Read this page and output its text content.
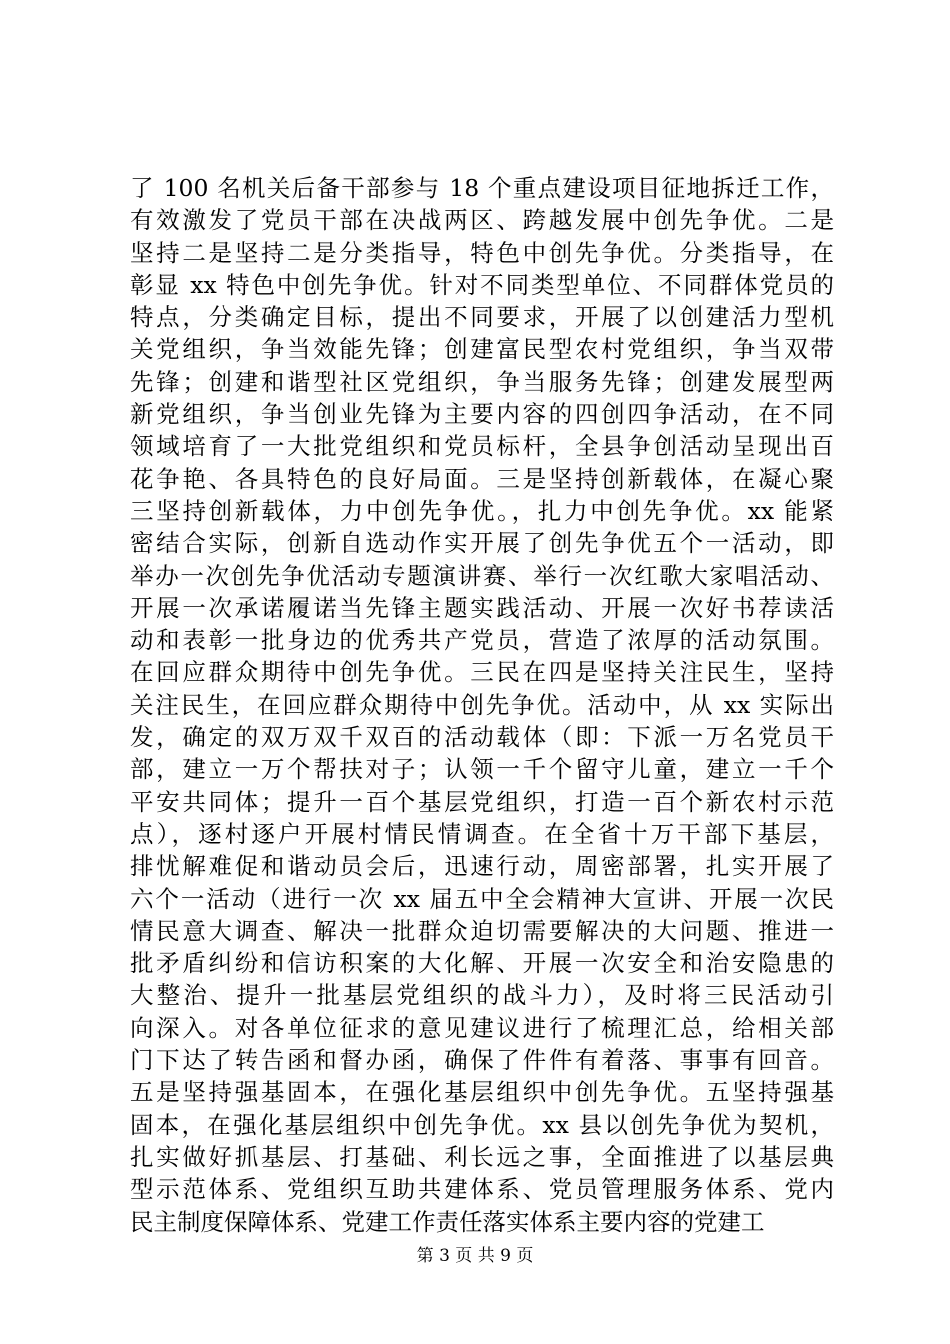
了 100 名机关后备干部参与 18 个重点建设项目征地拆迁工作，
有效激发了党员干部在决战两区、跨越发展中创先争优。二是
坚持二是坚持二是分类指导，特色中创先争优。分类指导，在
彰显 xx 特色中创先争优。针对不同类型单位、不同群体党员的
特点，分类确定目标，提出不同要求，开展了以创建活力型机
关党组织，争当效能先锋；创建富民型农村党组织，争当双带
先锋；创建和谐型社区党组织，争当服务先锋；创建发展型两
新党组织，争当创业先锋为主要内容的四创四争活动，在不同
领域培育了一大批党组织和党员标杆，全县争创活动呈现出百
花争艳、各具特色的良好局面。三是坚持创新载体，在凝心聚
三坚持创新载体，力中创先争优。，扎力中创先争优。xx 能紧
密结合实际，创新自选动作实开展了创先争优五个一活动，即
举办一次创先争优活动专题演讲赛、举行一次红歌大家唱活动、
开展一次承诺履诺当先锋主题实践活动、开展一次好书荐读活
动和表彰一批身边的优秀共产党员，营造了浓厚的活动氛围。
在回应群众期待中创先争优。三民在四是坚持关注民生，坚持
关注民生，在回应群众期待中创先争优。活动中，从 xx 实际出
发，确定的双万双千双百的活动载体（即：下派一万名党员干
部，建立一万个帮扶对子；认领一千个留守儿童，建立一千个
平安共同体；提升一百个基层党组织，打造一百个新农村示范
点），逐村逐户开展村情民情调查。在全省十万干部下基层，
排忧解难促和谐动员会后，迅速行动，周密部署，扎实开展了
六个一活动（进行一次 xx 届五中全会精神大宣讲、开展一次民
情民意大调查、解决一批群众迫切需要解决的大问题、推进一
批矛盾纠纷和信访积案的大化解、开展一次安全和治安隐患的
大整治、提升一批基层党组织的战斗力），及时将三民活动引
向深入。对各单位征求的意见建议进行了梳理汇总，给相关部
门下达了转告函和督办函，确保了件件有着落、事事有回音。
五是坚持强基固本，在强化基层组织中创先争优。五坚持强基
固本，在强化基层组织中创先争优。xx 县以创先争优为契机，
扎实做好抓基层、打基础、利长远之事，全面推进了以基层典
型示范体系、党组织互助共建体系、党员管理服务体系、党内
民主制度保障体系、党建工作责任落实体系主要内容的党建工
第 3 页 共 9 页
